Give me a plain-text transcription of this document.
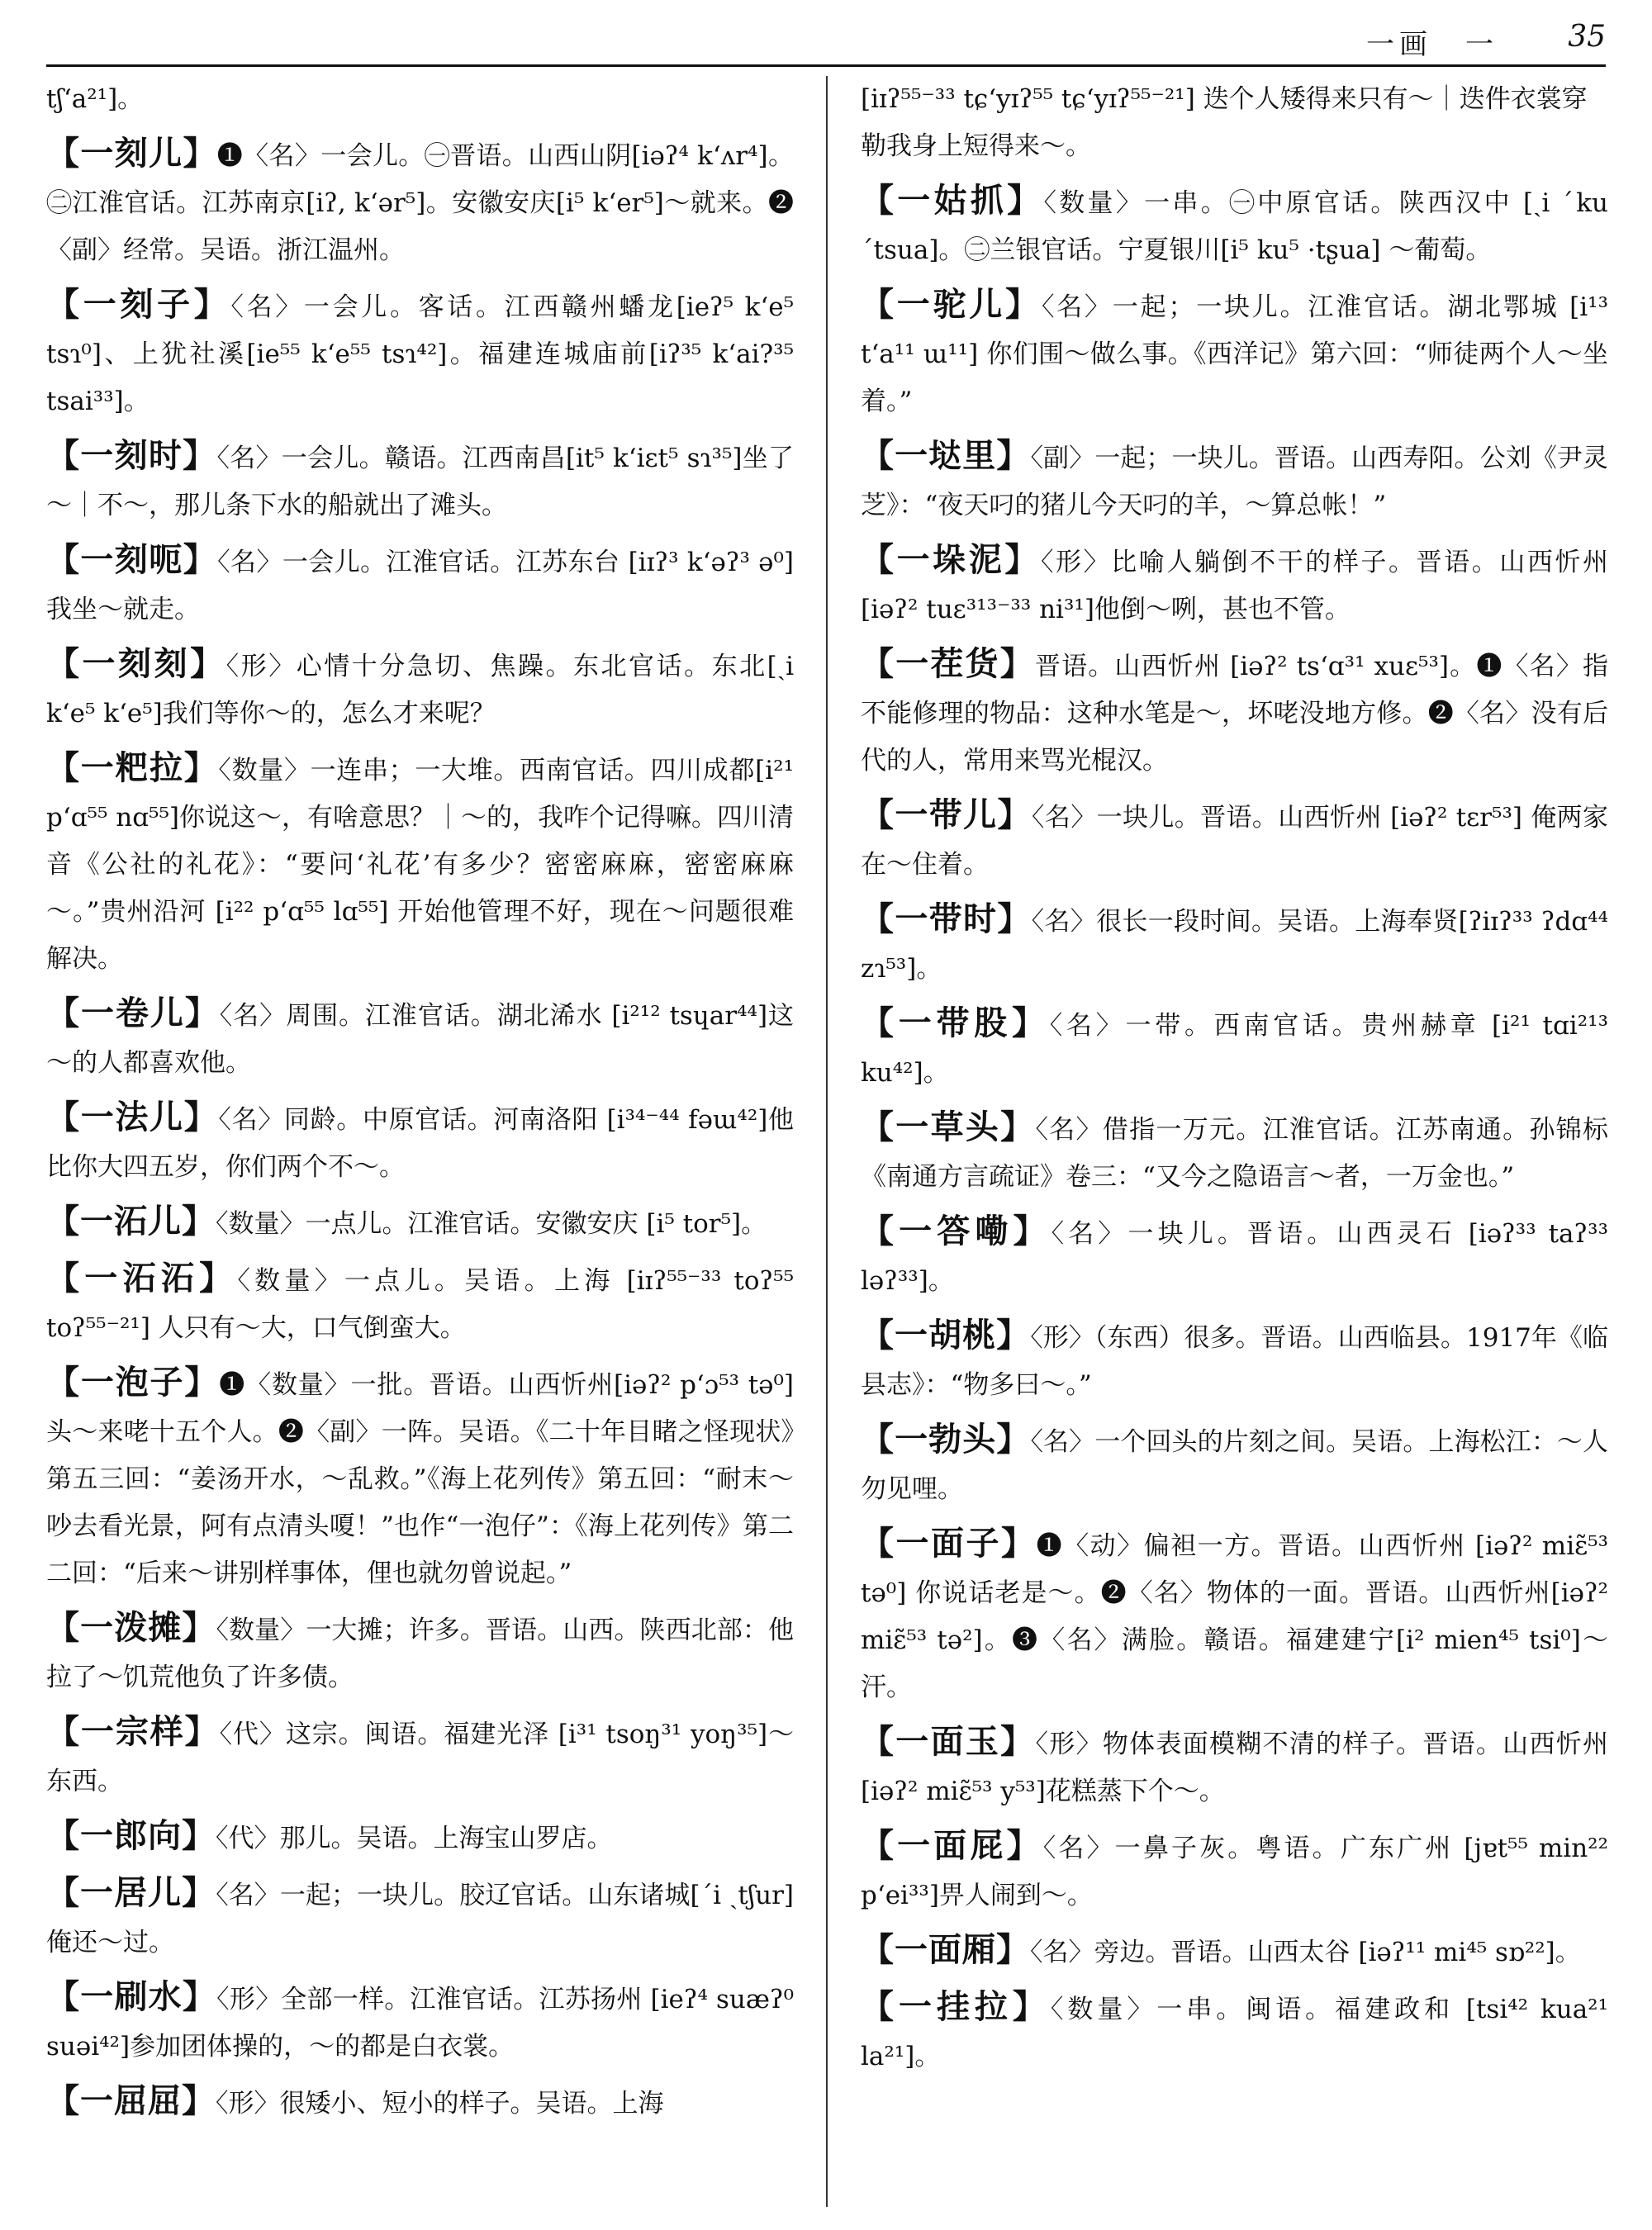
一画　一 35
tʃ‘a²¹]。

【一刻儿】❶〈名〉一会儿。㊀晋语。山西山阴[iəʔ⁴ k‘ʌr⁴]。㊁江淮官话。江苏南京[iʔ, k‘ər⁵]。安徽安庆[i⁵ k‘er⁵]～就来。❷〈副〉经常。吴语。浙江温州。

【一刻子】〈名〉一会儿。客话。江西赣州蟠龙[ieʔ⁵ k‘e⁵ tsɿ⁰]、上犹社溪[ie⁵⁵ k‘e⁵⁵ tsɿ⁴²]。福建连城庙前[iʔ³⁵ k‘ai?³⁵ tsai³³]。

【一刻时】〈名〉一会儿。赣语。江西南昌[it⁵ k‘iɛt⁵ sɿ³⁵]坐了～｜不～，那儿条下水的船就出了滩头。

【一刻呃】〈名〉一会儿。江淮官话。江苏东台 [iɪʔ³ k‘əʔ³ ə⁰]我坐～就走。

【一刻刻】〈形〉心情十分急切、焦躁。东北官话。东北[ˏi k‘e⁵ k‘e⁵]我们等你～的，怎么才来呢？

【一粑拉】〈数量〉一连串；一大堆。西南官话。四川成都[i²¹ p‘ɑ⁵⁵ nɑ⁵⁵]你说这～，有啥意思？｜～的，我咋个记得嘛。四川清音《公社的礼花》：“要问‘礼花’有多少？密密麻麻，密密麻麻～。”贵州沿河 [i²² p‘ɑ⁵⁵ lɑ⁵⁵] 开始他管理不好，现在～问题很难解决。

【一卷儿】〈名〉周围。江淮官话。湖北浠水 [i²¹² tsɥar⁴⁴]这～的人都喜欢他。

【一法儿】〈名〉同龄。中原官话。河南洛阳 [i³⁴⁻⁴⁴ fəɯ⁴²]他比你大四五岁，你们两个不～。

【一沰儿】〈数量〉一点儿。江淮官话。安徽安庆 [i⁵ tor⁵]。

【一沰沰】〈数量〉一点儿。吴语。上海 [iɪʔ⁵⁵⁻³³ toʔ⁵⁵ toʔ⁵⁵⁻²¹] 人只有～大，口气倒蛮大。

【一泡子】❶〈数量〉一批。晋语。山西忻州[iəʔ² p‘ɔ⁵³ tə⁰]头～来咾十五个人。❷〈副〉一阵。吴语。《二十年目睹之怪现状》第五三回：“姜汤开水，～乱救。”《海上花列传》第五回：“耐末～吵去看光景，阿有点清头嗄！”也作“一泡仔”：《海上花列传》第二二回：“后来～讲别样事体，俚也就勿曾说起。”

【一泼摊】〈数量〉一大摊；许多。晋语。山西。陕西北部：他拉了～饥荒他负了许多债。

【一宗样】〈代〉这宗。闽语。福建光泽 [i³¹ tsoŋ³¹ yoŋ³⁵]～东西。

【一郎向】〈代〉那儿。吴语。上海宝山罗店。

【一居儿】〈名〉一起；一块儿。胶辽官话。山东诸城[ˊi ˏtʃur]俺还～过。

【一刷水】〈形〉全部一样。江淮官话。江苏扬州 [ieʔ⁴ suæʔ⁰ suəi⁴²]参加团体操的，～的都是白衣裳。

【一屈屈】〈形〉很矮小、短小的样子。吴语。上海

[iɪʔ⁵⁵⁻³³ tɕ‘yɪʔ⁵⁵ tɕ‘yɪʔ⁵⁵⁻²¹] 迭个人矮得来只有～｜迭件衣裳穿勒我身上短得来～。

【一姑抓】〈数量〉一串。㊀中原官话。陕西汉中 [ˏi ˊku ˊtsua]。㊁兰银官话。宁夏银川[i⁵ ku⁵ ·tʂua] ～葡萄。

【一驼儿】〈名〉一起；一块儿。江淮官话。湖北鄂城 [i¹³ t‘a¹¹ ɯ¹¹] 你们围～做么事。《西洋记》第六回：“师徒两个人～坐着。”

【一垯里】〈副〉一起；一块儿。晋语。山西寿阳。公刘《尹灵芝》：“夜天叼的猪儿今天叼的羊，～算总帐！”

【一垛泥】〈形〉比喻人躺倒不干的样子。晋语。山西忻州[iəʔ² tuɛ³¹³⁻³³ ni³¹]他倒～咧，甚也不管。

【一茬货】晋语。山西忻州 [iəʔ² ts‘ɑ³¹ xuɛ⁵³]。❶〈名〉指不能修理的物品：这种水笔是～，坏咾没地方修。❷〈名〉没有后代的人，常用来骂光棍汉。

【一带儿】〈名〉一块儿。晋语。山西忻州 [iəʔ² tɛr⁵³] 俺两家在～住着。

【一带时】〈名〉很长一段时间。吴语。上海奉贤[ʔiɪʔ³³ ʔdɑ⁴⁴ zɿ⁵³]。

【一带股】〈名〉一带。西南官话。贵州赫章 [i²¹ tɑi²¹³ ku⁴²]。

【一草头】〈名〉借指一万元。江淮官话。江苏南通。孙锦标《南通方言疏证》卷三：“又今之隐语言～者，一万金也。”

【一答嘞】〈名〉一块儿。晋语。山西灵石 [iəʔ³³ taʔ³³ ləʔ³³]。

【一胡桃】〈形〉（东西）很多。晋语。山西临县。1917年《临县志》：“物多曰～。”

【一勃头】〈名〉一个回头的片刻之间。吴语。上海松江：～人勿见哩。

【一面子】❶〈动〉偏袒一方。晋语。山西忻州 [iəʔ² miɛ̃⁵³ tə⁰] 你说话老是～。❷〈名〉物体的一面。晋语。山西忻州[iəʔ² miɛ̃⁵³ tə²]。❸〈名〉满脸。赣语。福建建宁[i² mien⁴⁵ tsi⁰]～汗。

【一面玉】〈形〉物体表面模糊不清的样子。晋语。山西忻州[iəʔ² miɛ̃⁵³ y⁵³]花糕蒸下个～。

【一面屁】〈名〉一鼻子灰。粤语。广东广州 [jɐt⁵⁵ min²² p‘ei³³]畀人闹到～。

【一面厢】〈名〉旁边。晋语。山西太谷 [iəʔ¹¹ mi⁴⁵ sɒ²²]。

【一挂拉】〈数量〉一串。闽语。福建政和 [tsi⁴² kua²¹ la²¹]。
